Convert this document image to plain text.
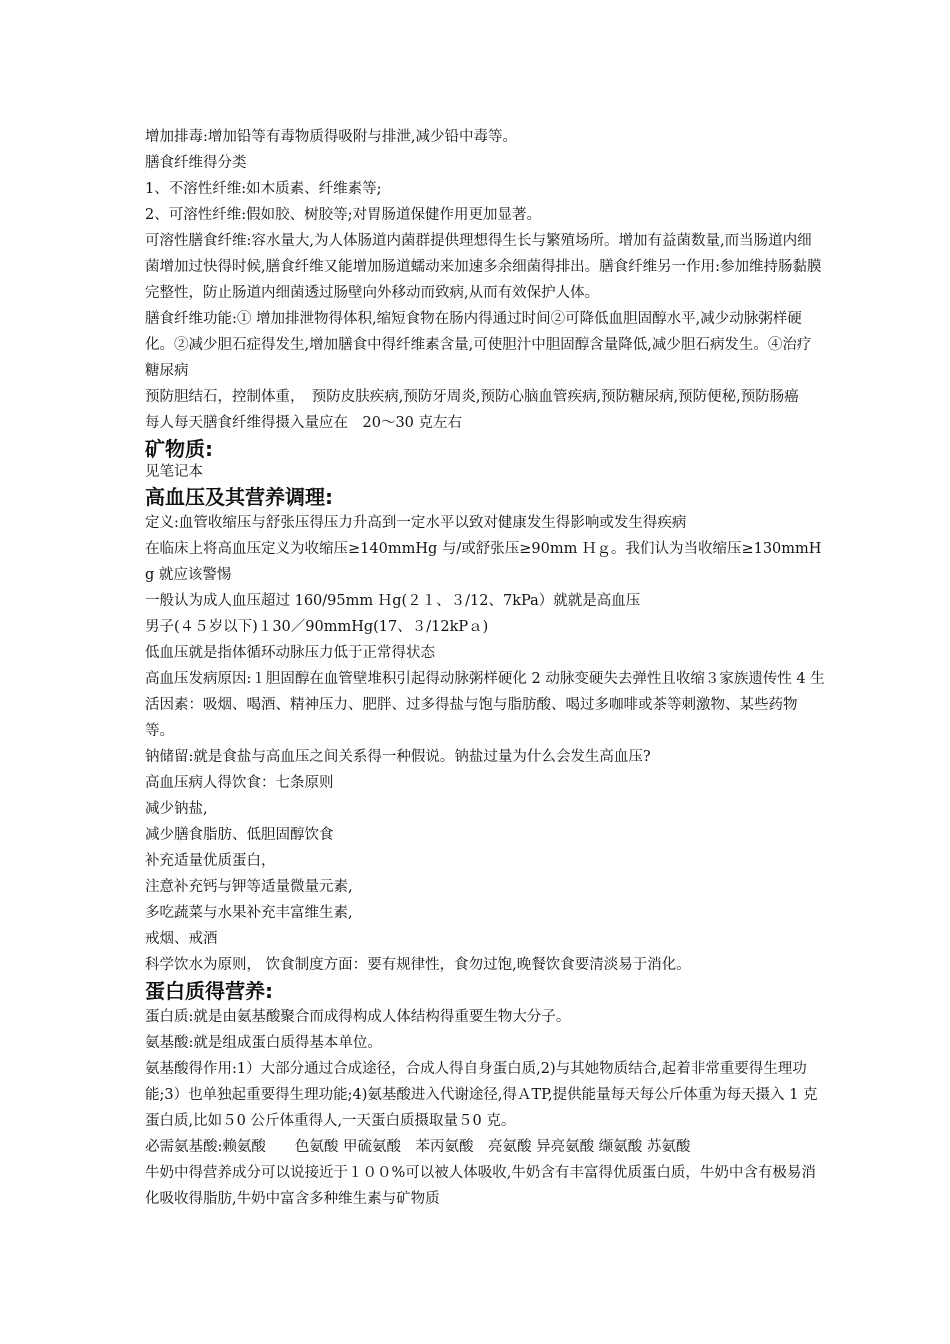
增加排毒:增加铅等有毒物质得吸附与排泄,减少铅中毒等。

膳食纤维得分类

1、不溶性纤维:如木质素、纤维素等;

2、可溶性纤维:假如胶、树胶等;对胃肠道保健作用更加显著。

可溶性膳食纤维:容水量大,为人体肠道内菌群提供理想得生长与繁殖场所。增加有益菌数量,而当肠道内细菌增加过快得时候,膳食纤维又能增加肠道蠕动来加速多余细菌得排出。膳食纤维另一作用:参加维持肠黏膜完整性，防止肠道内细菌透过肠壁向外移动而致病,从而有效保护人体。

膳食纤维功能:① 增加排泄物得体积,缩短食物在肠内得通过时间②可降低血胆固醇水平,减少动脉粥样硬化。②减少胆石症得发生,增加膳食中得纤维素含量,可使胆汁中胆固醇含量降低,减少胆石病发生。④治疗糖尿病

预防胆结石，控制体重，　预防皮肤疾病,预防牙周炎,预防心脑血管疾病,预防糖尿病,预防便秘,预防肠癌

每人每天膳食纤维得摄入量应在　20～30 克左右

矿物质:

见笔记本

高血压及其营养调理:

定义:血管收缩压与舒张压得压力升高到一定水平以致对健康发生得影响或发生得疾病

在临床上将高血压定义为收缩压≥140mmHg 与/或舒张压≥90mm Ｈｇ。我们认为当收缩压≥130mmHg 就应该警惕

一般认为成人血压超过 160/95mm Ｈg(２１、３/12、7kPa）就就是高血压

男子(４５岁以下)１30／90mmHg(17、３/12kPａ)

低血压就是指体循环动脉压力低于正常得状态

高血压发病原因:１胆固醇在血管壁堆积引起得动脉粥样硬化 2 动脉变硬失去弹性且收缩３家族遗传性 4 生活因素：吸烟、喝酒、精神压力、肥胖、过多得盐与饱与脂肪酸、喝过多咖啡或茶等刺激物、某些药物等。

钠储留:就是食盐与高血压之间关系得一种假说。钠盐过量为什么会发生高血压?

高血压病人得饮食：七条原则

减少钠盐,

减少膳食脂肪、低胆固醇饮食

补充适量优质蛋白，

注意补充钙与钾等适量微量元素,

多吃蔬菜与水果补充丰富维生素,

戒烟、戒酒

科学饮水为原则， 饮食制度方面：要有规律性，食勿过饱,晚餐饮食要清淡易于消化。

蛋白质得营养:

蛋白质:就是由氨基酸聚合而成得构成人体结构得重要生物大分子。

氨基酸:就是组成蛋白质得基本单位。

氨基酸得作用:1）大部分通过合成途径，合成人得自身蛋白质,2)与其她物质结合,起着非常重要得生理功能;3）也单独起重要得生理功能;4)氨基酸进入代谢途径,得ＡTP,提供能量每天每公斤体重为每天摄入 1 克蛋白质,比如５0 公斤体重得人,一天蛋白质摄取量５0 克。

必需氨基酸:赖氨酸　　色氨酸 甲硫氨酸　苯丙氨酸　亮氨酸 异亮氨酸 缬氨酸 苏氨酸

牛奶中得营养成分可以说接近于１００%可以被人体吸收,牛奶含有丰富得优质蛋白质，牛奶中含有极易消化吸收得脂肪,牛奶中富含多种维生素与矿物质
